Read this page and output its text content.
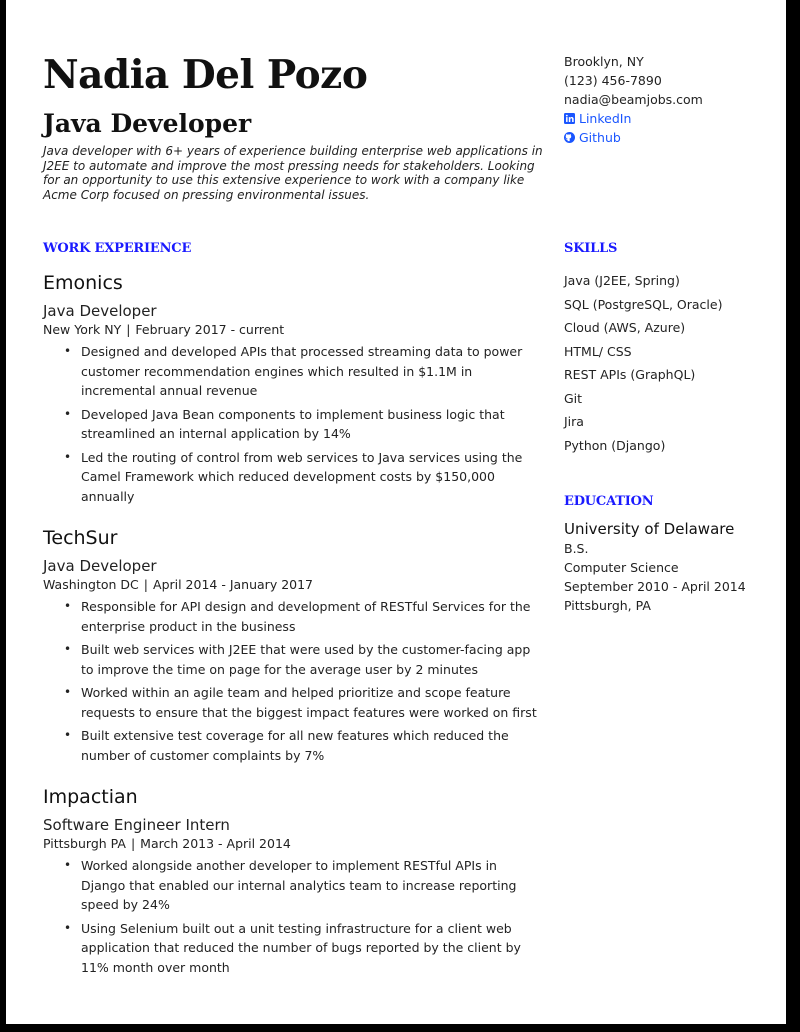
Nadia Del Pozo
Java Developer

Java developer with 6+ years of experience building enterprise web applications in J2EE to automate and improve the most pressing needs for stakeholders. Looking for an opportunity to use this extensive experience to work with a company like Acme Corp focused on pressing environmental issues.

Brooklyn, NY
(123) 456-7890
nadia@beamjobs.com
LinkedIn
Github
WORK EXPERIENCE
Emonics
Java Developer
New York NY | February 2017 - current
• Designed and developed APIs that processed streaming data to power customer recommendation engines which resulted in $1.1M in incremental annual revenue
• Developed Java Bean components to implement business logic that streamlined an internal application by 14%
• Led the routing of control from web services to Java services using the Camel Framework which reduced development costs by $150,000 annually
TechSur
Java Developer
Washington DC | April 2014 - January 2017
• Responsible for API design and development of RESTful Services for the enterprise product in the business
• Built web services with J2EE that were used by the customer-facing app to improve the time on page for the average user by 2 minutes
• Worked within an agile team and helped prioritize and scope feature requests to ensure that the biggest impact features were worked on first
• Built extensive test coverage for all new features which reduced the number of customer complaints by 7%
Impactian
Software Engineer Intern
Pittsburgh PA | March 2013 - April 2014
• Worked alongside another developer to implement RESTful APIs in Django that enabled our internal analytics team to increase reporting speed by 24%
• Using Selenium built out a unit testing infrastructure for a client web application that reduced the number of bugs reported by the client by 11% month over month
SKILLS
Java (J2EE, Spring)
SQL (PostgreSQL, Oracle)
Cloud (AWS, Azure)
HTML/ CSS
REST APIs (GraphQL)
Git
Jira
Python (Django)
EDUCATION
University of Delaware
B.S.
Computer Science
September 2010 - April 2014
Pittsburgh, PA
